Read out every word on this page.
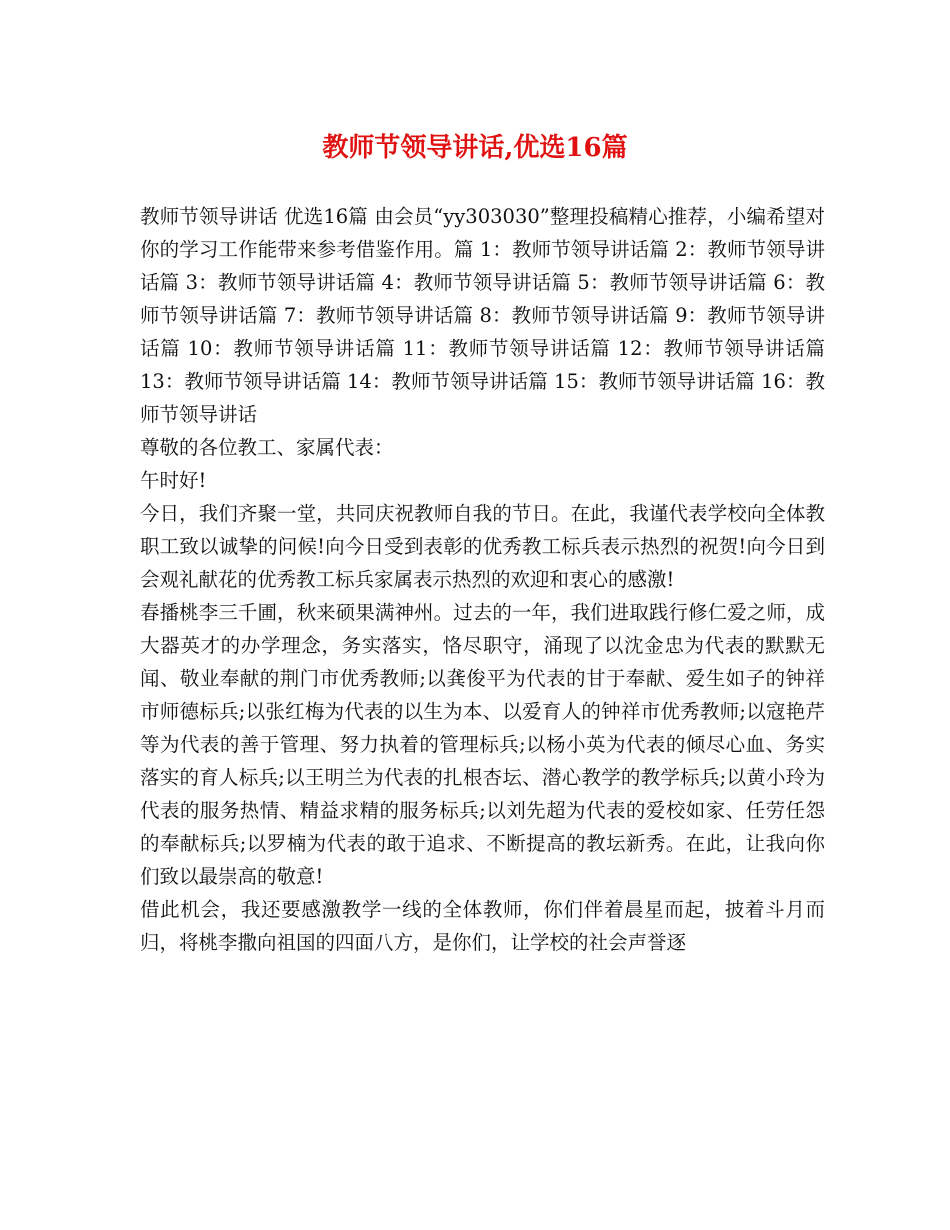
教师节领导讲话,优选16篇

教师节领导讲话 优选16篇 由会员“yy303030”整理投稿精心推荐，小编希望对你的学习工作能带来参考借鉴作用。篇 1：教师节领导讲话篇 2：教师节领导讲话篇 3：教师节领导讲话篇 4：教师节领导讲话篇 5：教师节领导讲话篇 6：教师节领导讲话篇 7：教师节领导讲话篇 8：教师节领导讲话篇 9：教师节领导讲话篇 10：教师节领导讲话篇 11：教师节领导讲话篇 12：教师节领导讲话篇 13：教师节领导讲话篇 14：教师节领导讲话篇 15：教师节领导讲话篇 16：教师节领导讲话

尊敬的各位教工、家属代表：

午时好!

今日，我们齐聚一堂，共同庆祝教师自我的节日。在此，我谨代表学校向全体教职工致以诚挚的问候!向今日受到表彰的优秀教工标兵表示热烈的祝贺!向今日到会观礼献花的优秀教工标兵家属表示热烈的欢迎和衷心的感激!

春播桃李三千圃，秋来硕果满神州。过去的一年，我们进取践行修仁爱之师，成大器英才的办学理念，务实落实，恪尽职守，涌现了以沈金忠为代表的默默无闻、敬业奉献的荆门市优秀教师;以龚俊平为代表的甘于奉献、爱生如子的钟祥市师德标兵;以张红梅为代表的以生为本、以爱育人的钟祥市优秀教师;以寇艳芹等为代表的善于管理、努力执着的管理标兵;以杨小英为代表的倾尽心血、务实落实的育人标兵;以王明兰为代表的扎根杏坛、潜心教学的教学标兵;以黄小玲为代表的服务热情、精益求精的服务标兵;以刘先超为代表的爱校如家、任劳任怨的奉献标兵;以罗楠为代表的敢于追求、不断提高的教坛新秀。在此，让我向你们致以最崇高的敬意!

借此机会，我还要感激教学一线的全体教师，你们伴着晨星而起，披着斗月而归，将桃李撒向祖国的四面八方，是你们，让学校的社会声誉逐
